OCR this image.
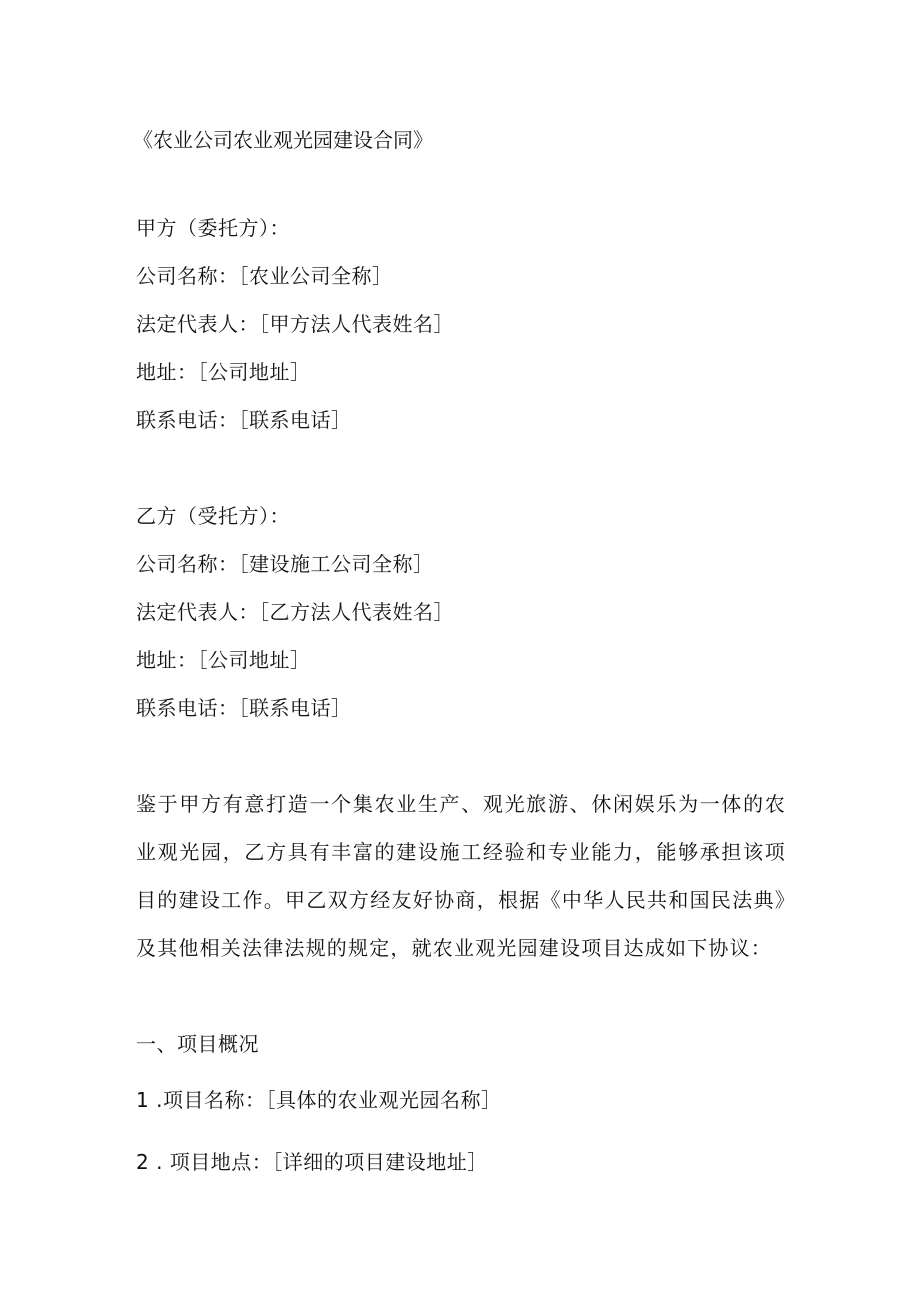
《农业公司农业观光园建设合同》
甲方（委托方）：
公司名称：［农业公司全称］
法定代表人：［甲方法人代表姓名］
地址：［公司地址］
联系电话：［联系电话］
乙方（受托方）：
公司名称：［建设施工公司全称］
法定代表人：［乙方法人代表姓名］
地址：［公司地址］
联系电话：［联系电话］
鉴于甲方有意打造一个集农业生产、观光旅游、休闲娱乐为一体的农业观光园，乙方具有丰富的建设施工经验和专业能力，能够承担该项目的建设工作。甲乙双方经友好协商，根据《中华人民共和国民法典》及其他相关法律法规的规定，就农业观光园建设项目达成如下协议：
一、项目概况
1 .项目名称：［具体的农业观光园名称］
2 . 项目地点：［详细的项目建设地址］
